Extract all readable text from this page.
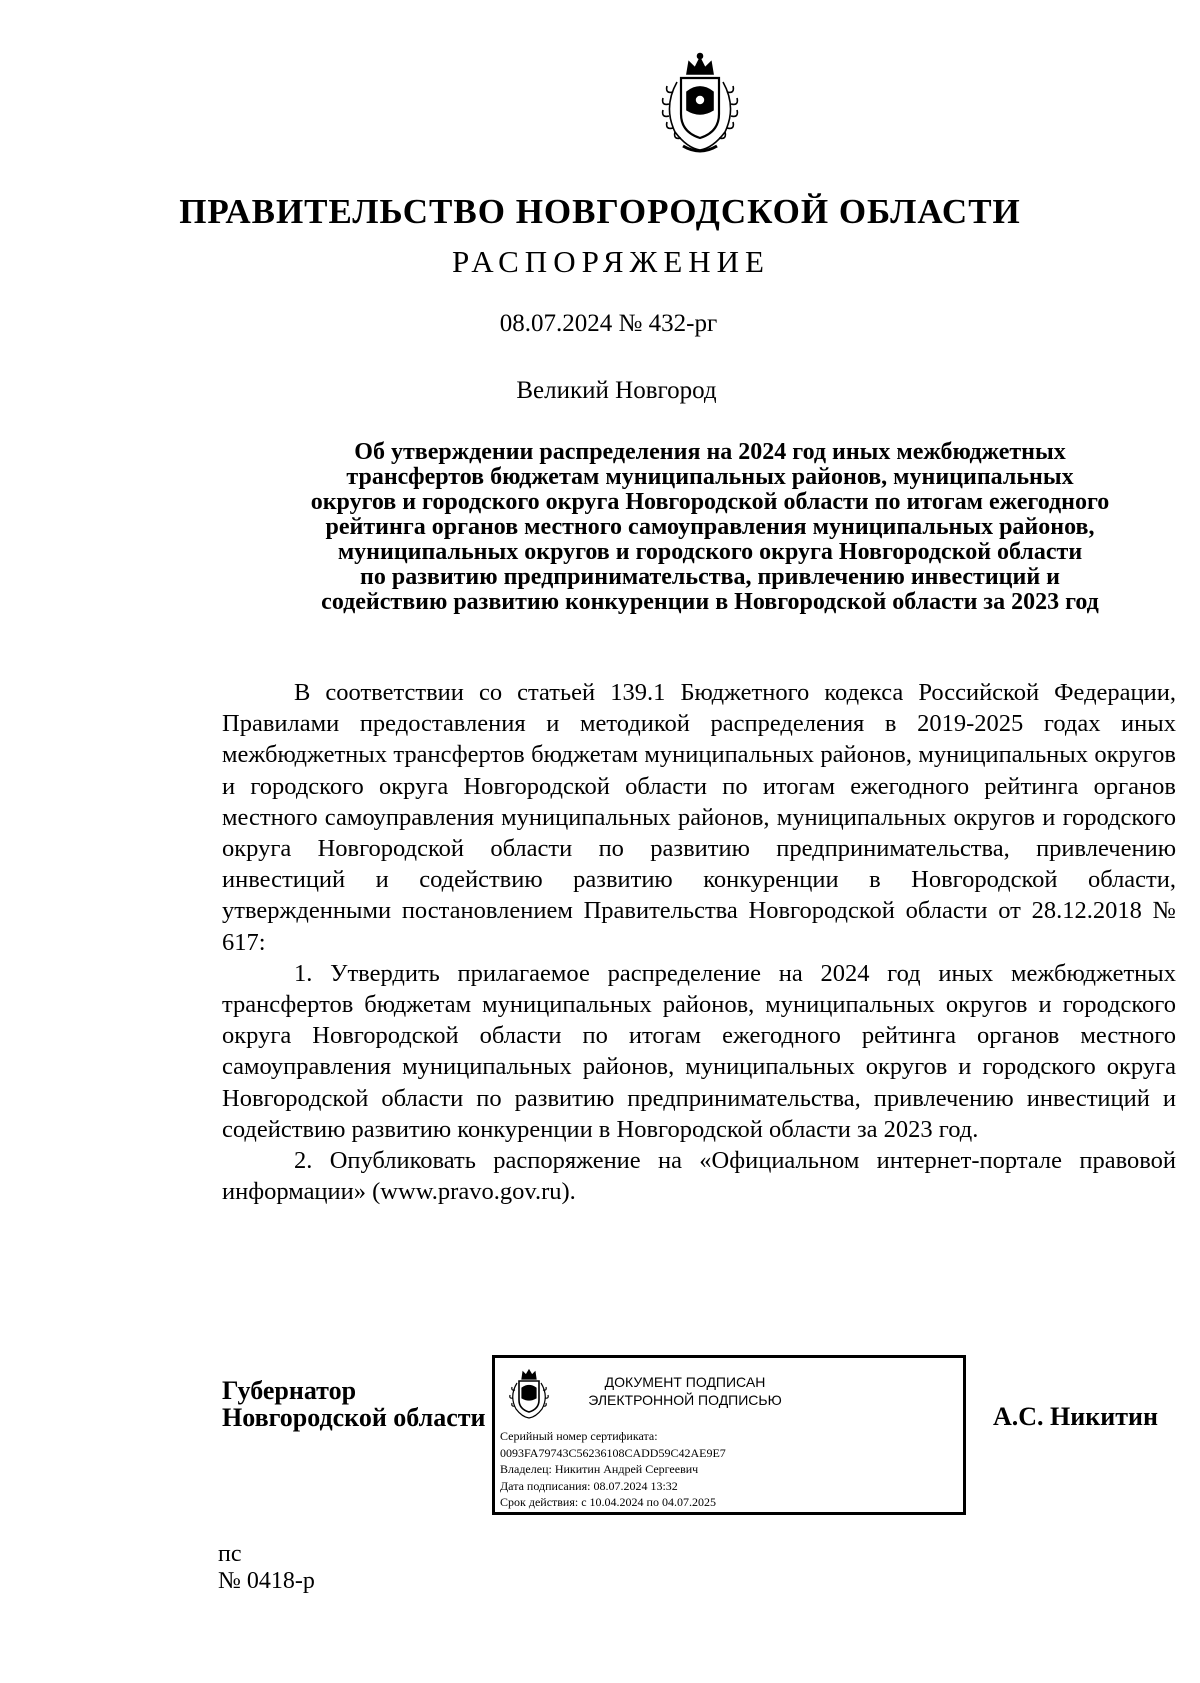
ПРАВИТЕЛЬСТВО НОВГОРОДСКОЙ ОБЛАСТИ
РАСПОРЯЖЕНИЕ
08.07.2024 № 432-рг
Великий Новгород
Об утверждении распределения на 2024 год иных межбюджетных
трансфертов бюджетам муниципальных районов, муниципальных
округов и городского округа Новгородской области по итогам ежегодного
рейтинга органов местного самоуправления муниципальных районов,
муниципальных округов и городского округа Новгородской области
по развитию предпринимательства, привлечению инвестиций и
содействию развитию конкуренции в Новгородской области за 2023 год

В соответствии со статьей 139.1 Бюджетного кодекса Российской Федерации, Правилами предоставления и методикой распределения в 2019-2025 годах иных межбюджетных трансфертов бюджетам муниципальных районов, муниципальных округов и городского округа Новгородской области по итогам ежегодного рейтинга органов местного самоуправления муниципальных районов, муниципальных округов и городского округа Новгородской области по развитию предпринимательства, привлечению инвестиций и содействию развитию конкуренции в Новгородской области, утвержденными постановлением Правительства Новгородской области от 28.12.2018 № 617:

1. Утвердить прилагаемое распределение на 2024 год иных межбюджетных трансфертов бюджетам муниципальных районов, муниципальных округов и городского округа Новгородской области по итогам ежегодного рейтинга органов местного самоуправления муниципальных районов, муниципальных округов и городского округа Новгородской области по развитию предпринимательства, привлечению инвестиций и содействию развитию конкуренции в Новгородской области за 2023 год.

2. Опубликовать распоряжение на «Официальном интернет-портале правовой информации» (www.pravo.gov.ru).

Губернатор
Новгородской области
ДОКУМЕНТ ПОДПИСАН
ЭЛЕКТРОННОЙ ПОДПИСЬЮ
Серийный номер сертификата:
0093FA79743C56236108CADD59C42AE9E7
Владелец: Никитин Андрей Сергеевич
Дата подписания: 08.07.2024 13:32
Срок действия: с 10.04.2024 по 04.07.2025
А.С. Никитин
пс
№ 0418-р
